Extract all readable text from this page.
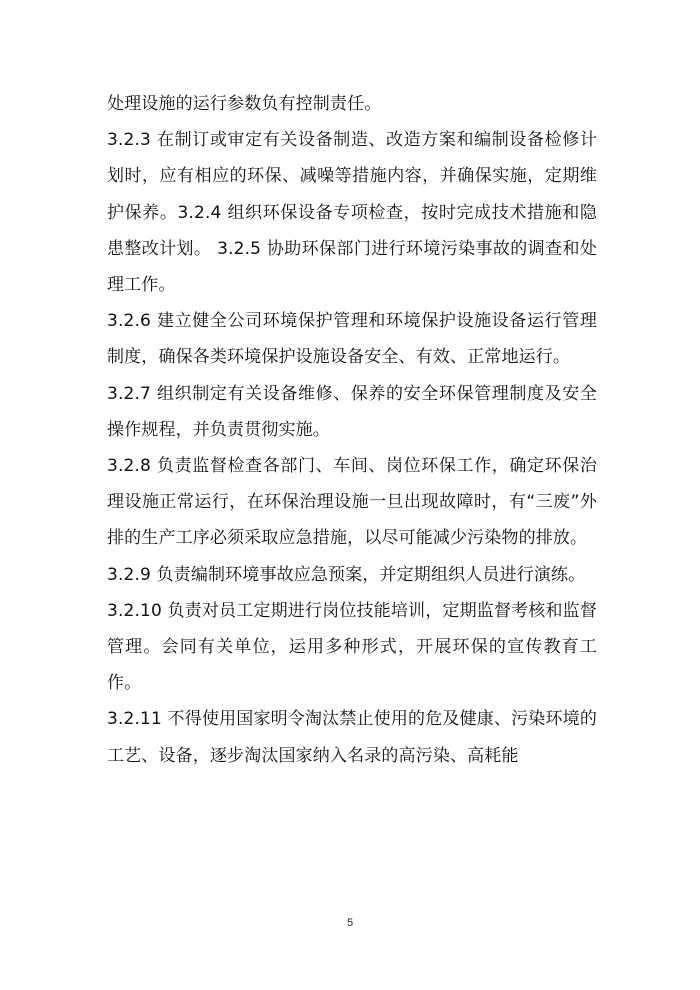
处理设施的运行参数负有控制责任。

3.2.3 在制订或审定有关设备制造、改造方案和编制设备检修计划时，应有相应的环保、减噪等措施内容，并确保实施，定期维护保养。3.2.4 组织环保设备专项检查，按时完成技术措施和隐患整改计划。 3.2.5 协助环保部门进行环境污染事故的调查和处理工作。

3.2.6 建立健全公司环境保护管理和环境保护设施设备运行管理制度，确保各类环境保护设施设备安全、有效、正常地运行。

3.2.7 组织制定有关设备维修、保养的安全环保管理制度及安全操作规程，并负责贯彻实施。

3.2.8 负责监督检查各部门、车间、岗位环保工作，确定环保治理设施正常运行，在环保治理设施一旦出现故障时，有“三废”外排的生产工序必须采取应急措施，以尽可能减少污染物的排放。

3.2.9 负责编制环境事故应急预案，并定期组织人员进行演练。

3.2.10 负责对员工定期进行岗位技能培训，定期监督考核和监督管理。会同有关单位，运用多种形式，开展环保的宣传教育工作。

3.2.11 不得使用国家明令淘汰禁止使用的危及健康、污染环境的工艺、设备，逐步淘汰国家纳入名录的高污染、高耗能

5
